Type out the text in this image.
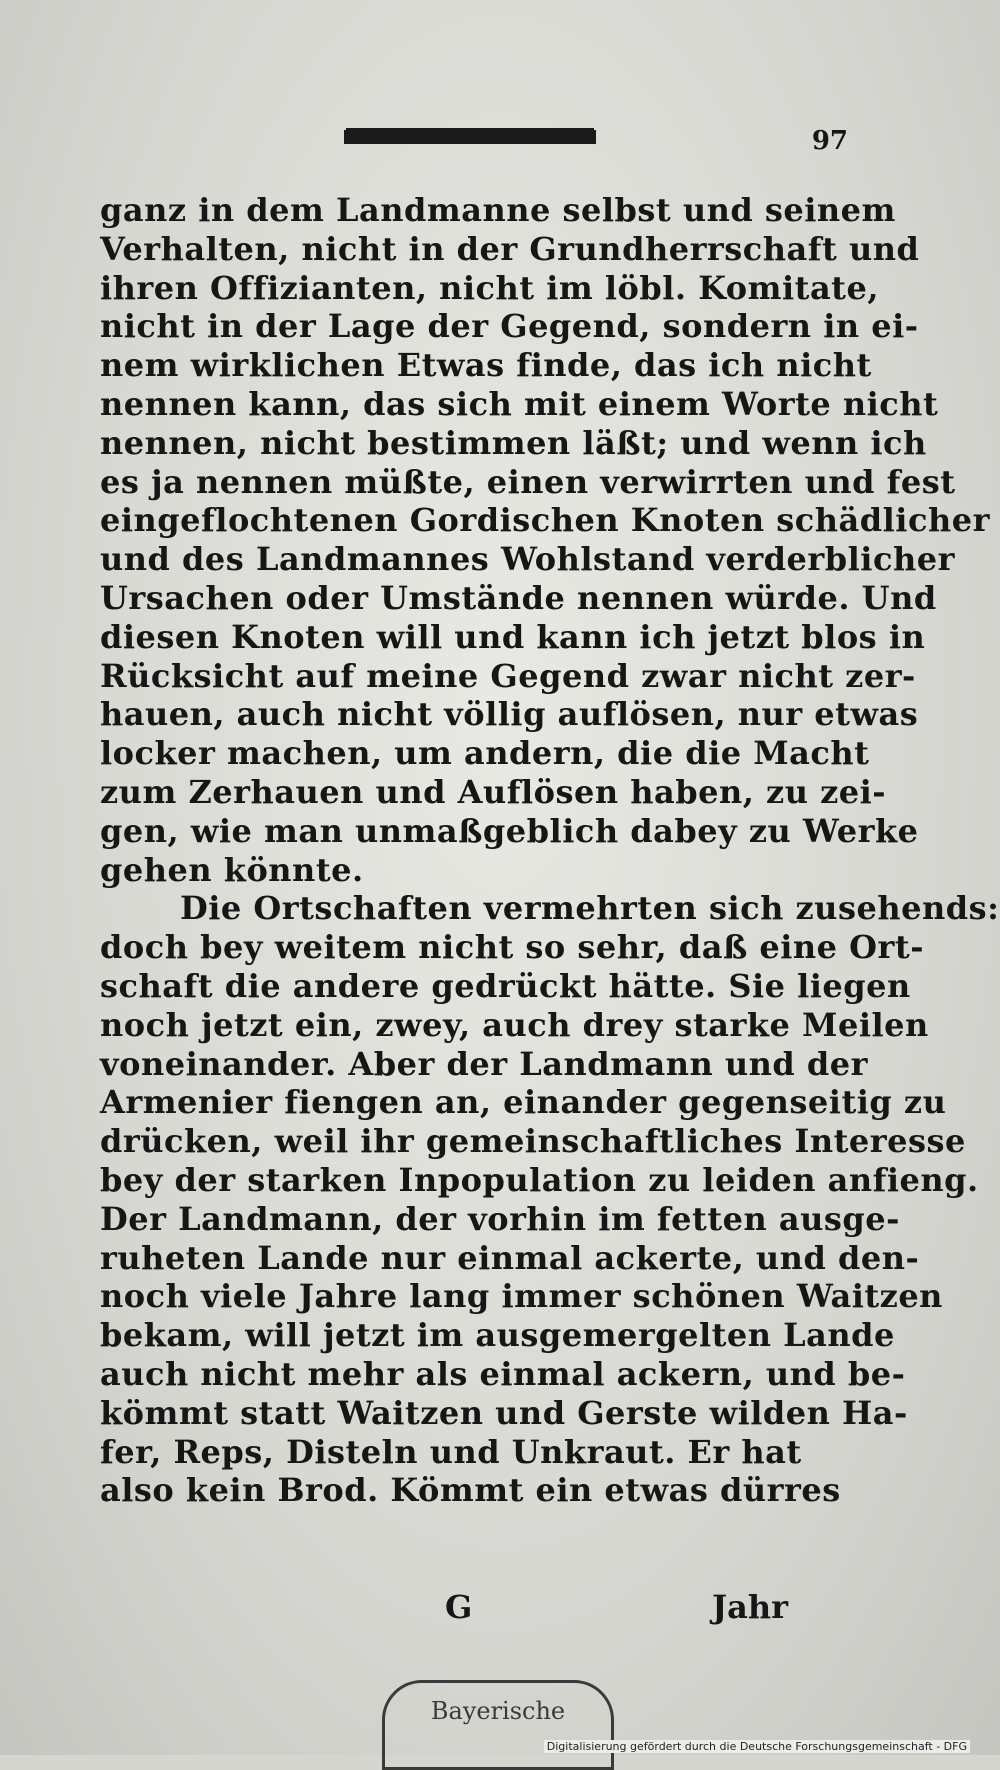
97
ganz in dem Landmanne selbst und seinem
Verhalten, nicht in der Grundherrschaft und
ihren Offizianten, nicht im löbl. Komitate,
nicht in der Lage der Gegend, sondern in ei-
nem wirklichen Etwas finde, das ich nicht
nennen kann, das sich mit einem Worte nicht
nennen, nicht bestimmen läßt; und wenn ich
es ja nennen müßte, einen verwirrten und fest
eingeflochtenen Gordischen Knoten schädlicher
und des Landmannes Wohlstand verderblicher
Ursachen oder Umstände nennen würde. Und
diesen Knoten will und kann ich jetzt blos in
Rücksicht auf meine Gegend zwar nicht zer-
hauen, auch nicht völlig auflösen, nur etwas
locker machen, um andern, die die Macht
zum Zerhauen und Auflösen haben, zu zei-
gen, wie man unmaßgeblich dabey zu Werke
gehen könnte.
Die Ortschaften vermehrten sich zusehends:
doch bey weitem nicht so sehr, daß eine Ort-
schaft die andere gedrückt hätte. Sie liegen
noch jetzt ein, zwey, auch drey starke Meilen
voneinander. Aber der Landmann und der
Armenier fiengen an, einander gegenseitig zu
drücken, weil ihr gemeinschaftliches Interesse
bey der starken Inpopulation zu leiden anfieng.
Der Landmann, der vorhin im fetten ausge-
ruheten Lande nur einmal ackerte, und den-
noch viele Jahre lang immer schönen Waitzen
bekam, will jetzt im ausgemergelten Lande
auch nicht mehr als einmal ackern, und be-
kömmt statt Waitzen und Gerste wilden Ha-
fer, Reps, Disteln und Unkraut. Er hat
also kein Brod. Kömmt ein etwas dürres
G	Jahr
Bayerische
Digitalisierung gefördert durch die Deutsche Forschungsgemeinschaft - DFG
